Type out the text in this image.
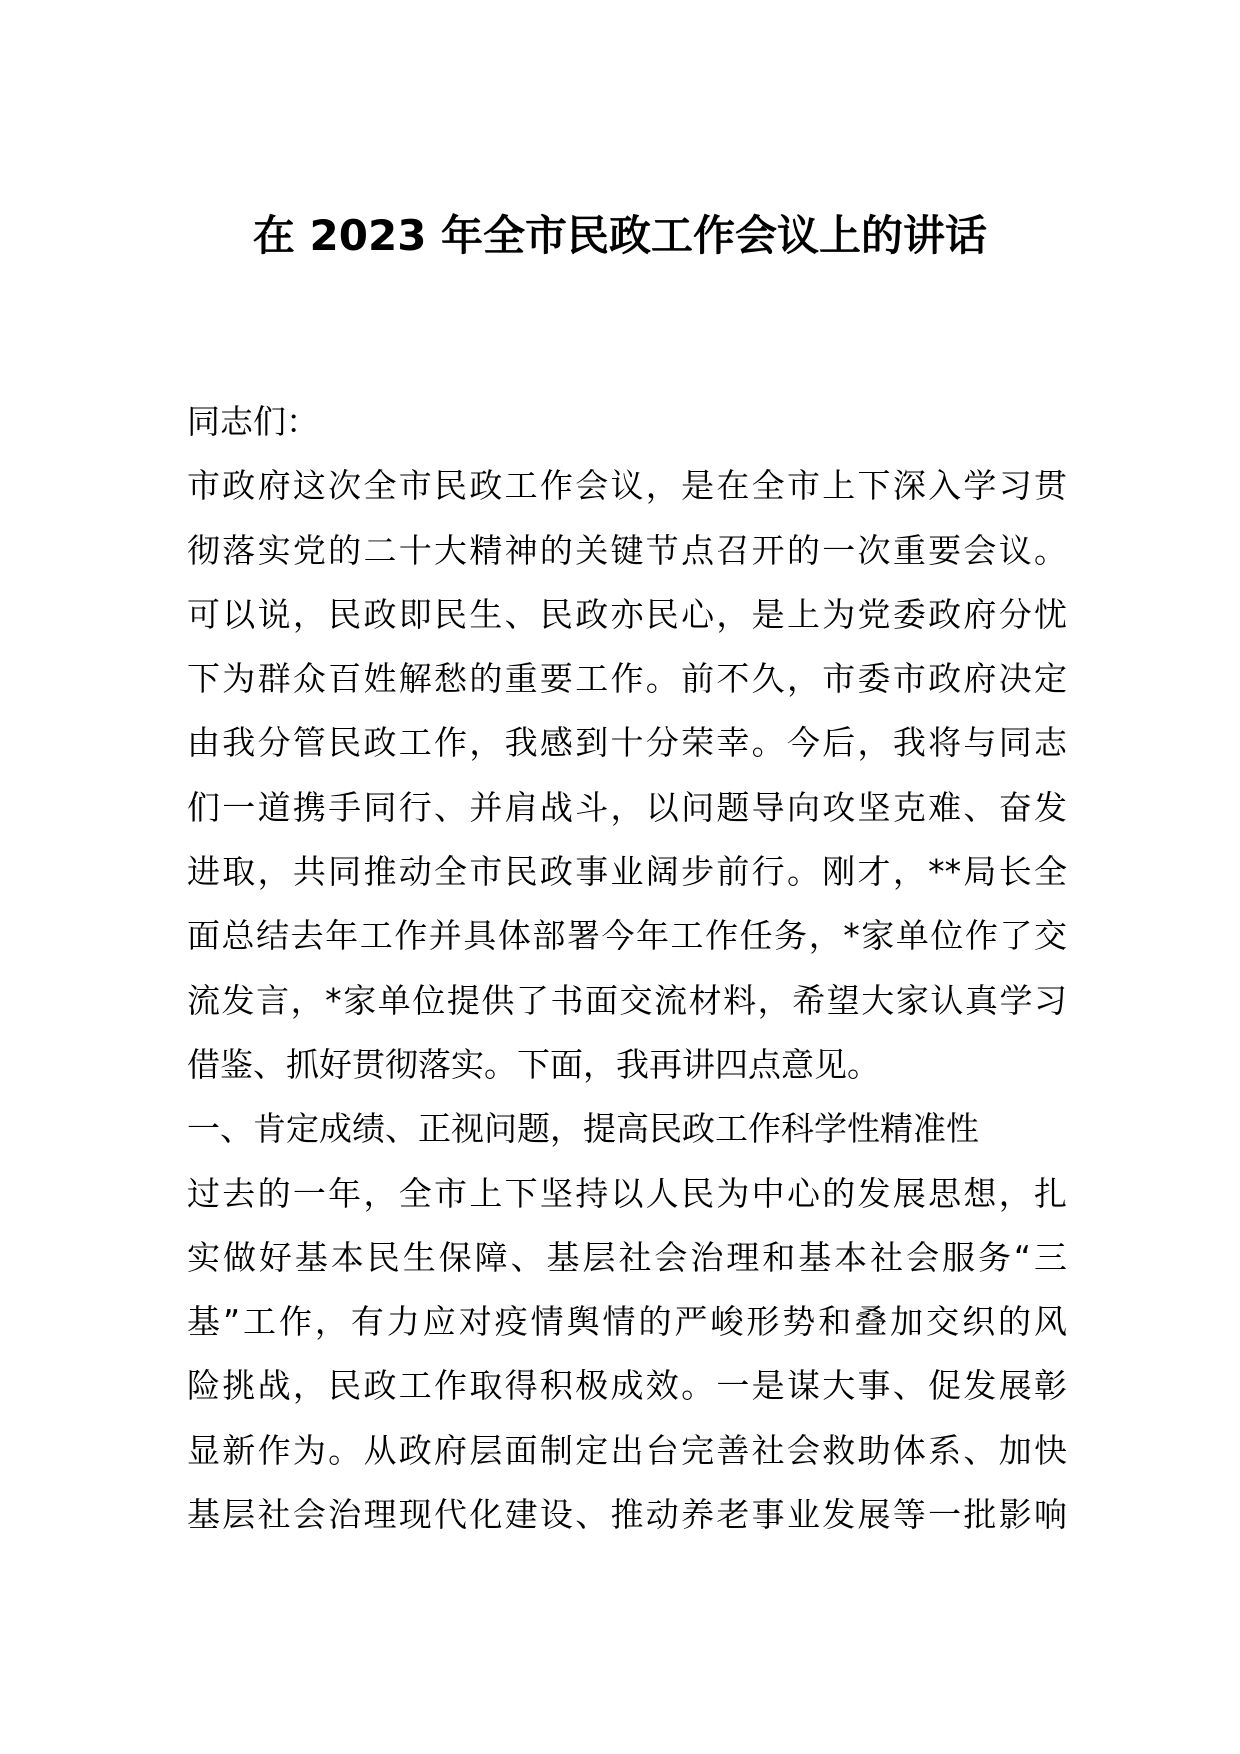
在 2023 年全市民政工作会议上的讲话
同志们：
市政府这次全市民政工作会议，是在全市上下深入学习贯
彻落实党的二十大精神的关键节点召开的一次重要会议。
可以说，民政即民生、民政亦民心，是上为党委政府分忧
下为群众百姓解愁的重要工作。前不久，市委市政府决定
由我分管民政工作，我感到十分荣幸。今后，我将与同志
们一道携手同行、并肩战斗，以问题导向攻坚克难、奋发
进取，共同推动全市民政事业阔步前行。刚才，**局长全
面总结去年工作并具体部署今年工作任务，*家单位作了交
流发言，*家单位提供了书面交流材料，希望大家认真学习
借鉴、抓好贯彻落实。下面，我再讲四点意见。
一、肯定成绩、正视问题，提高民政工作科学性精准性
过去的一年，全市上下坚持以人民为中心的发展思想，扎
实做好基本民生保障、基层社会治理和基本社会服务“三
基”工作，有力应对疫情舆情的严峻形势和叠加交织的风
险挑战，民政工作取得积极成效。一是谋大事、促发展彰
显新作为。从政府层面制定出台完善社会救助体系、加快
基层社会治理现代化建设、推动养老事业发展等一批影响
